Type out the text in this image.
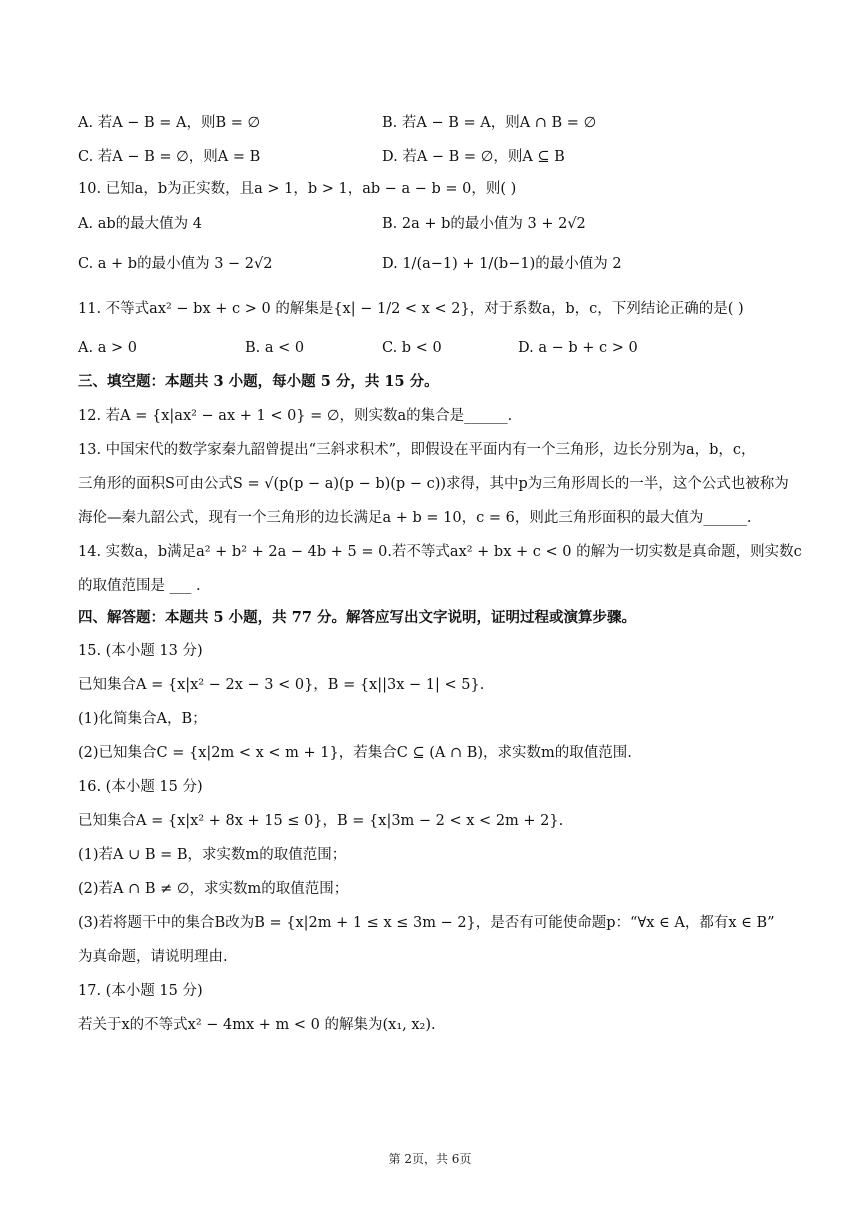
A. 若A − B = A，则B = ∅	B. 若A − B = A，则A ∩ B = ∅
C. 若A − B = ∅，则A = B	D. 若A − B = ∅，则A ⊆ B
10. 已知a，b为正实数，且a > 1，b > 1，ab − a − b = 0，则( )
A. ab的最大值为 4	B. 2a + b的最小值为 3 + 2√2
C. a + b的最小值为 3 − 2√2	D. 1/(a−1) + 1/(b−1)的最小值为 2
11. 不等式ax² − bx + c > 0 的解集是{x| − 1/2 < x < 2}，对于系数a，b，c，下列结论正确的是( )
A. a > 0	B. a < 0	C. b < 0	D. a − b + c > 0
三、填空题：本题共 3 小题，每小题 5 分，共 15 分。
12. 若A = {x|ax² − ax + 1 < 0} = ∅，则实数a的集合是______.
13. 中国宋代的数学家秦九韶曾提出“三斜求积术”，即假设在平面内有一个三角形，边长分别为a，b，c，
三角形的面积S可由公式S = √(p(p − a)(p − b)(p − c))求得，其中p为三角形周长的一半，这个公式也被称为
海伦—秦九韶公式，现有一个三角形的边长满足a + b = 10，c = 6，则此三角形面积的最大值为______.
14. 实数a，b满足a² + b² + 2a − 4b + 5 = 0.若不等式ax² + bx + c < 0 的解为一切实数是真命题，则实数c
的取值范围是 ___ .
四、解答题：本题共 5 小题，共 77 分。解答应写出文字说明，证明过程或演算步骤。
15. (本小题 13 分)
已知集合A = {x|x² − 2x − 3 < 0}，B = {x||3x − 1| < 5}.
(1)化简集合A，B；
(2)已知集合C = {x|2m < x < m + 1}，若集合C ⊆ (A ∩ B)，求实数m的取值范围.
16. (本小题 15 分)
已知集合A = {x|x² + 8x + 15 ≤ 0}，B = {x|3m − 2 < x < 2m + 2}.
(1)若A ∪ B = B，求实数m的取值范围；
(2)若A ∩ B ≠ ∅，求实数m的取值范围；
(3)若将题干中的集合B改为B = {x|2m + 1 ≤ x ≤ 3m − 2}，是否有可能使命题p：“∀x ∈ A，都有x ∈ B”
为真命题，请说明理由.
17. (本小题 15 分)
若关于x的不等式x² − 4mx + m < 0 的解集为(x₁, x₂).
第 2页，共 6页
